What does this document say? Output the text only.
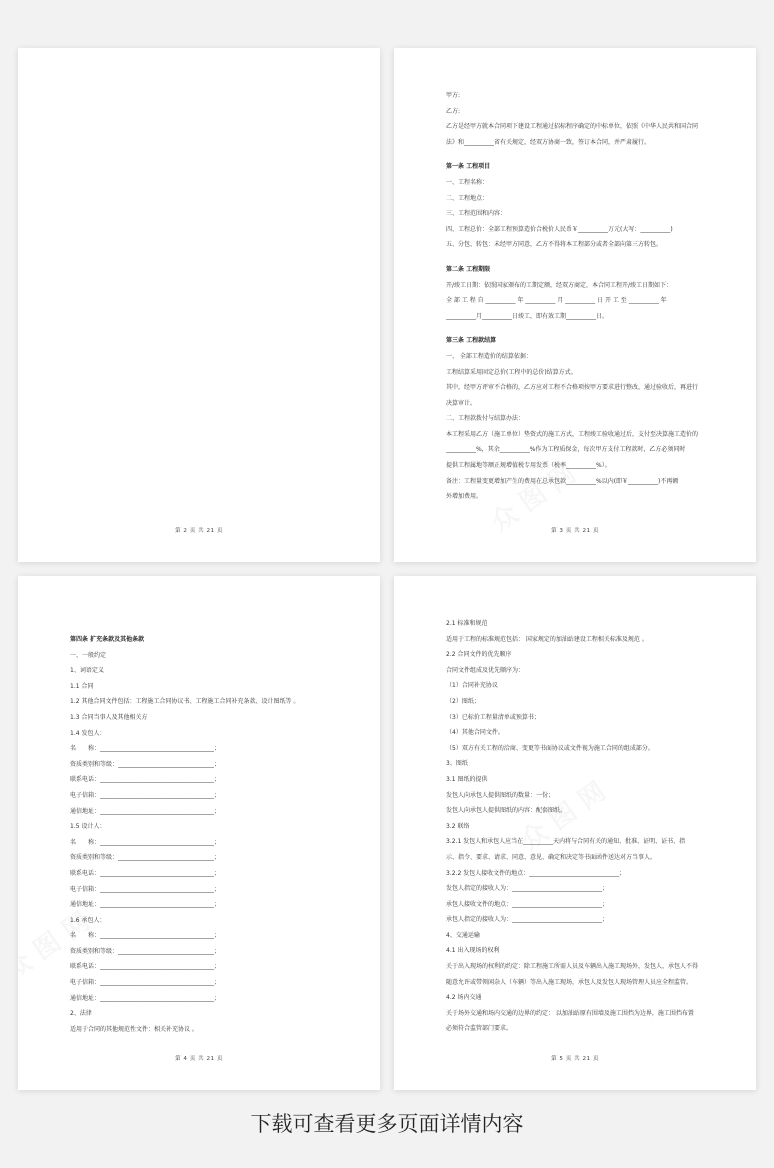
第 2 页 共 21 页
甲方:
乙方:
乙方是经甲方就本合同项下建设工程通过招标程序确定的中标单位，依照《中华人民共和国合同
法》和__________省有关规定，经双方协商一致，签订本合同，并严肃履行。
第一条 工程项目
一、工程名称：
二、工程地点：
三、工程范围和内容：
四、工程总价：全部工程预算造价合税价人民币￥__________万元(大写：__________)
五、分包、转包：未经甲方同意，乙方不得将本工程部分或者全部向第三方转包。
第二条 工程期限
开/竣工日期：依照国家颁布的工期定额，经双方商定，本合同工程开/竣工日期如下：
全 部 工 程 自 __________ 年 __________ 月 __________ 日 开 工 至 __________ 年
__________月__________日竣工，即有效工期__________日。
第三条 工程款结算
一、 全部工程造价的结算依据：
工程结算采用固定总价(工程中的总价)结算方式。
其中，经甲方评审不合格的，乙方应对工程不合格项按甲方要求进行整改，通过验收后，再进行
决算审计。
二、工程款拨付与结算办法：
本工程采用乙方（施工单位）垫资式的施工方式，工程竣工验收通过后，支付至决算施工造价的
__________%，其余__________%作为工程质保金，每次甲方支付工程款时，乙方必须同时
提供工程属地等额正规增值税专用发票（税率__________%）。
备注：工程量变更增加产生的费用在总承包款__________%以内(即￥__________)不再额
外增加费用。
第 3 页 共 21 页
第四条 扩充条款及其他条款
一、一般约定
1、词语定义
1.1 合同
1.2 其他合同文件包括：工程施工合同协议书、工程施工合同补充条款、设计图纸等 。
1.3 合同当事人及其他相关方
1.4 发包人：
名　　称：______________________________________；
资质类别和等级：________________________________；
联系电话：______________________________________；
电子信箱：______________________________________；
通信地址：______________________________________；
1.5 设计人：
名　　称：______________________________________；
资质类别和等级：________________________________；
联系电话：______________________________________；
电子信箱：______________________________________；
通信地址：______________________________________；
1.6 承包人：
名　　称：______________________________________；
资质类别和等级：________________________________；
联系电话：______________________________________；
电子信箱：______________________________________；
通信地址：______________________________________；
2、法律
适用于合同的其他规范性文件：相关补充协议 。
第 4 页 共 21 页
2.1 标准和规范
适用于工程的标准规范包括： 国家规定的加油站建设工程相关标准及规范 。
2.2 合同文件的优先顺序
合同文件组成及优先顺序为：
（1）合同补充协议
（2）图纸；
（3）已标价工程量清单或预算书；
（4）其他合同文件。
（5）双方有关工程的洽商、变更等书面协议或文件视为施工合同的组成部分。
3、图纸
3.1 图纸的提供
发包人向承包人提供图纸的数量：一份；
发包人向承包人提供图纸的内容：配套图纸。
3.2 联络
3.2.1 发包人和承包人应当在__________天内将与合同有关的通知、批准、证明、证书、指
示、指令、要求、请求、同意、意见、确定和决定等书面函件送达对方当事人。
3.2.2 发包人接收文件的地点：______________________________；
发包人指定的接收人为：______________________________；
承包人接收文件的地点：______________________________；
承包人指定的接收人为：______________________________；
4、交通运输
4.1 出入现场的权利
关于出入现场的权利的约定：除工程施工所需人员及车辆出入施工现场外，发包人、承包人不得
随意允许或带领闲杂人（车辆）等出入施工现场，承包人及发包人现场管理人员应全程监管。
4.2 场内交通
关于场外交通和场内交通的边界的约定： 以加油站原有围墙及施工围挡为边界，施工围挡布置
必须符合监管部门要求。
第 5 页 共 21 页
下载可查看更多页面详情内容
